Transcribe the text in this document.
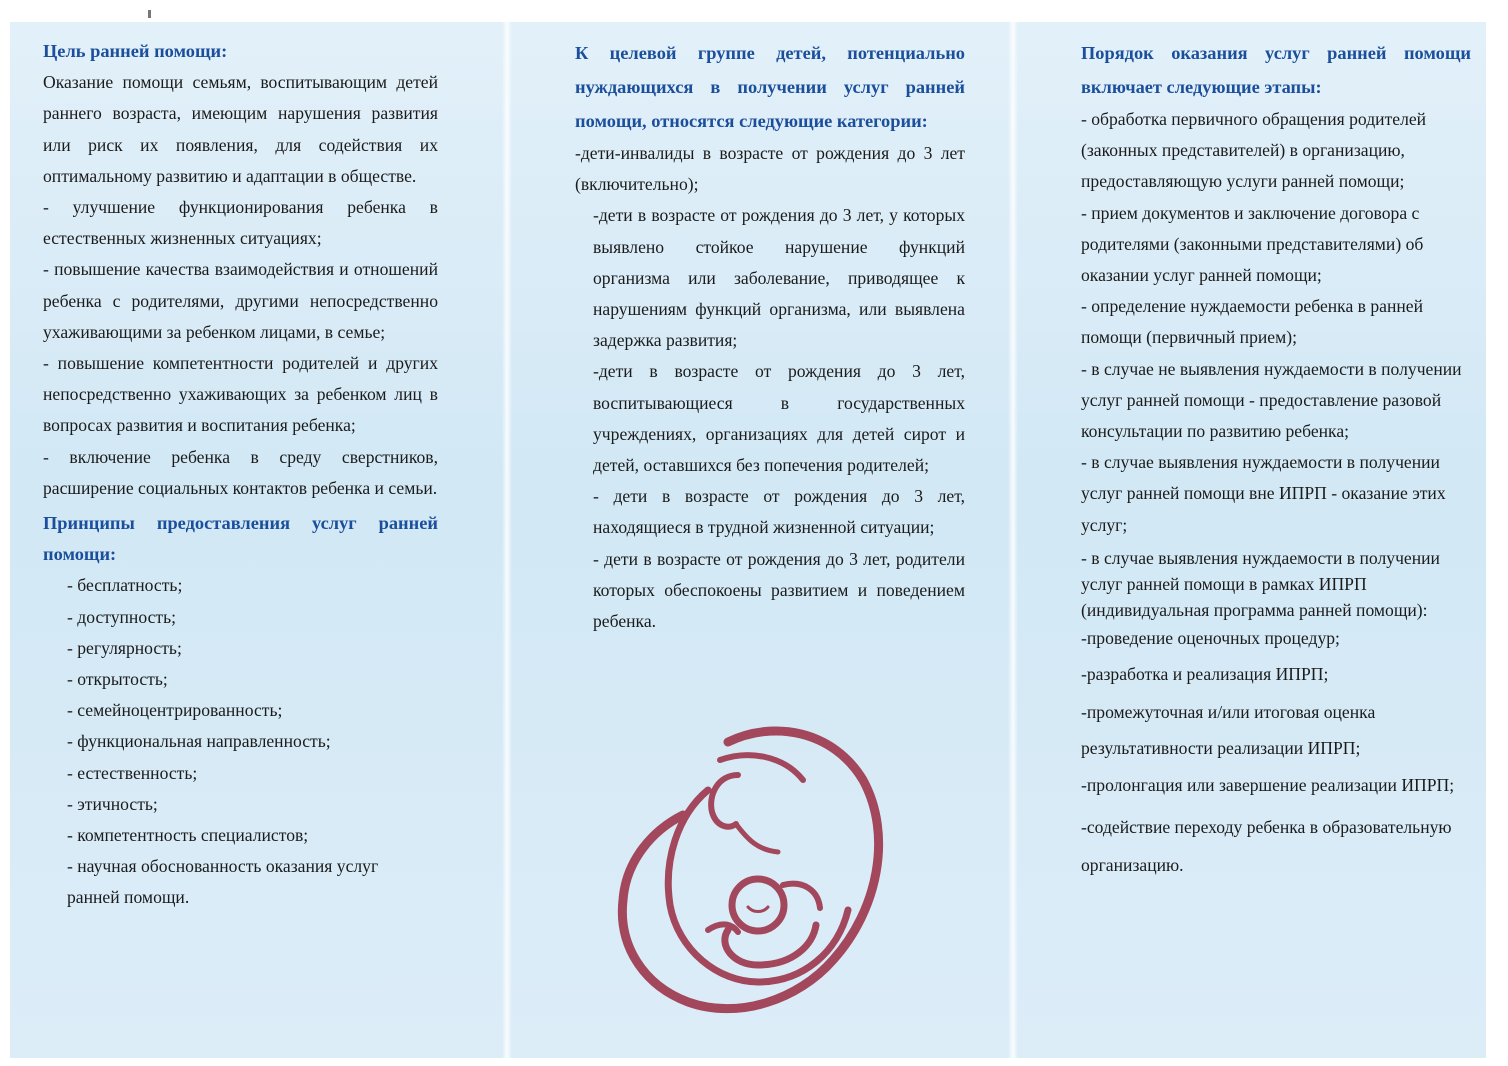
Цель ранней помощи:

Оказание помощи семьям, воспитывающим детей раннего возраста, имеющим нарушения развития или риск их появления, для содействия их оптимальному развитию и адаптации в обществе.

- улучшение функционирования ребенка в естественных жизненных ситуациях;

- повышение качества взаимодействия и отношений ребенка с родителями, другими непосредственно ухаживающими за ребенком лицами, в семье;

- повышение компетентности родителей и других непосредственно ухаживающих за ребенком лиц в вопросах развития и воспитания ребенка;

- включение ребенка в среду сверстников, расширение социальных контактов ребенка и семьи.

Принципы предоставления услуг ранней помощи:

- бесплатность;

- доступность;

- регулярность;

- открытость;

- семейноцентрированность;

- функциональная направленность;

- естественность;

- этичность;

- компетентность специалистов;

- научная обоснованность оказания услуг ранней помощи.

К целевой группе детей, потенциально нуждающихся в получении услуг ранней помощи, относятся следующие категории:

-дети-инвалиды в возрасте от рождения до 3 лет (включительно);

-дети в возрасте от рождения до 3 лет, у которых выявлено стойкое нарушение функций организма или заболевание, приводящее к нарушениям функций организма, или выявлена задержка развития;

-дети в возрасте от рождения до 3 лет, воспитывающиеся в государственных учреждениях, организациях для детей сирот и детей, оставшихся без попечения родителей;

- дети в возрасте от рождения до 3 лет, находящиеся в трудной жизненной ситуации;

- дети в возрасте от рождения до 3 лет, родители которых обеспокоены развитием и поведением ребенка.

Порядок оказания услуг ранней помощи включает следующие этапы:

- обработка первичного обращения родителей (законных представителей) в организацию, предоставляющую услуги ранней помощи;

- прием документов и заключение договора с родителями (законными представителями) об оказании услуг ранней помощи;

- определение нуждаемости ребенка в ранней помощи (первичный прием);

- в случае не выявления нуждаемости в получении услуг ранней помощи - предоставление разовой консультации по развитию ребенка;

- в случае выявления нуждаемости в получении услуг ранней помощи вне ИПРП - оказание этих услуг;

- в случае выявления нуждаемости в получении услуг ранней помощи в рамках ИПРП (индивидуальная программа ранней помощи):

-проведение оценочных процедур;

-разработка и реализация ИПРП;

-промежуточная и/или итоговая оценка результативности реализации ИПРП;

-пролонгация или завершение реализации ИПРП;

-содействие переходу ребенка в образовательную организацию.
